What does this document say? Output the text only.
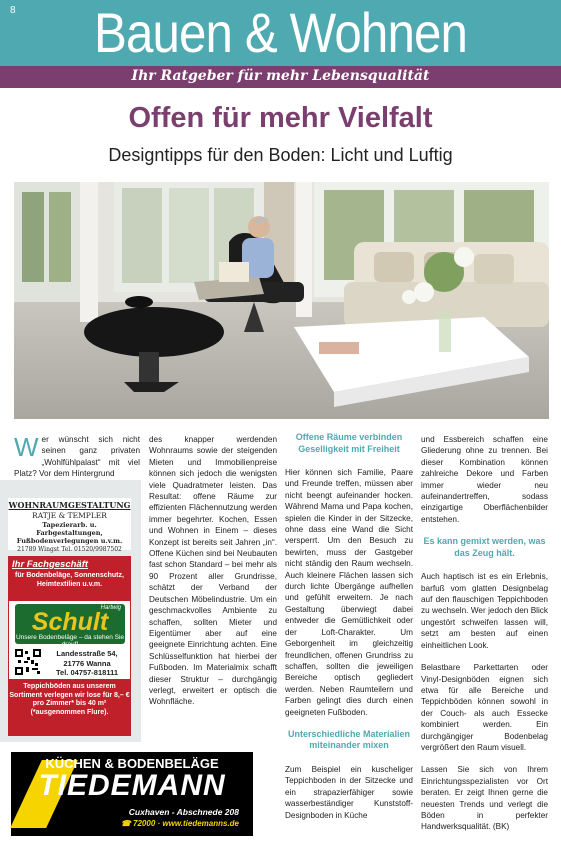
8	Bauen & Wohnen
Ihr Ratgeber für mehr Lebensqualität
Offen für mehr Vielfalt
Designtipps für den Boden: Licht und Luftig
W er wünscht sich nicht seinen ganz privaten „Wohlfühlpalast“ mit viel Platz? Vor dem Hintergrund

des knapper werdenden Wohnraums sowie der steigenden Mieten und Immobilienpreise können sich jedoch die wenigsten viele Quadratmeter leisten. Das Resultat: offene Räume zur effizienten Flächennutzung werden immer begehrter. Kochen, Essen und Wohnen in Einem – dieses Konzept ist bereits seit Jahren „in“. Offene Küchen sind bei Neubauten fast schon Standard – bei mehr als 90 Prozent aller Grundrisse, schätzt der Verband der Deutschen Möbelindustrie. Um ein geschmackvolles Ambiente zu schaffen, sollten Mieter und Eigentümer aber auf eine geeignete Einrichtung achten. Eine Schlüsselfunktion hat hierbei der Fußboden. Im Materialmix schafft dieser Struktur – durchgängig verlegt, erweitert er optisch die Wohnfläche.

Offene Räume verbinden Geselligkeit mit Freiheit

Hier können sich Familie, Paare und Freunde treffen, müssen aber nicht beengt aufeinander hocken. Während Mama und Papa kochen, spielen die Kinder in der Sitzecke, ohne dass eine Wand die Sicht versperrt. Um den Besuch zu bewirten, muss der Gastgeber nicht ständig den Raum wechseln. Auch kleinere Flächen lassen sich durch lichte Übergänge aufhellen und gefühlt erweitern. Je nach Gestaltung überwiegt dabei entweder die Gemütlichkeit oder der Loft-Charakter. Um Geborgenheit im gleichzeitig freundlichen, offenen Grundriss zu schaffen, sollten die jeweiligen Bereiche optisch gegliedert werden. Neben Raumteilern und Farben gelingt dies durch einen geeigneten Fußboden.

Unterschiedliche Materialien miteinander mixen

Zum Beispiel ein kuscheliger Teppichboden in der Sitzecke und ein strapazierfähiger sowie wasserbeständiger Kunststoff-Designboden in Küche

und Essbereich schaffen eine Gliederung ohne zu trennen. Bei dieser Kombination können zahlreiche Dekore und Farben immer wieder neu aufeinandertreffen, sodass einzigartige Oberflächenbilder entstehen.

Es kann gemixt werden, was das Zeug hält.

Auch haptisch ist es ein Erlebnis, barfuß vom glatten Designbelag auf den flauschigen Teppichboden zu wechseln. Wer jedoch den Blick ungestört schweifen lassen will, setzt am besten auf einen einheitlichen Look.

Belastbare Parkettarten oder Vinyl-Designböden eignen sich etwa für alle Bereiche und Teppichböden können sowohl in der Couch- als auch Essecke kombiniert werden. Ein durchgängiger Bodenbelag vergrößert den Raum visuell.

Lassen Sie sich von Ihrem Einrichtungsspezialisten vor Ort beraten. Er zeigt Ihnen gerne die neuesten Trends und verlegt die Böden in perfekter Handwerksqualität. (BK)

WOHNRAUMGESTALTUNG
RATJE & TEMPLER
Tapezierarb. u. Farbgestaltungen, Fußbodenverlegungen u.v.m.
21789 Wingst Tel. 01520/9987502
Ihr Fachgeschäft
für Bodenbeläge, Sonnenschutz, Heimtextilien u.v.m.
Hartwig
Schult
Unsere Bodenbeläge – da stehen Sie drauf!
Landesstraße 54,
21776 Wanna
Tel. 04757-818111
Teppichböden aus unserem Sortiment verlegen wir lose für 8,– € pro Zimmer* bis 40 m² (*ausgenommen Flure).
KÜCHEN & BODENBELÄGE
TIEDEMANN
Cuxhaven - Abschnede 208
☎ 72000 · www.tiedemanns.de
